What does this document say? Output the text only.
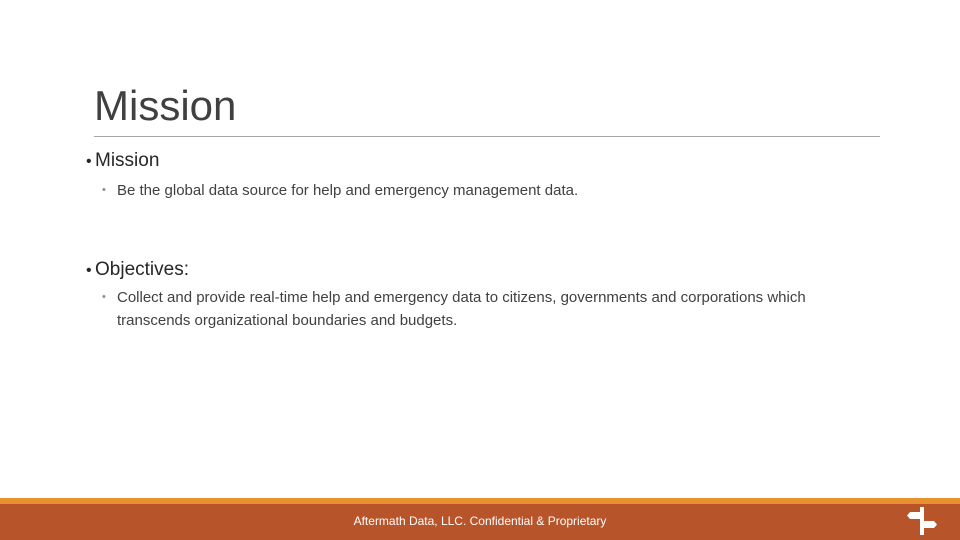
Mission
• Mission
• Be the global data source for help and emergency management data.
• Objectives:
• Collect and provide real-time help and emergency data to citizens, governments and corporations which transcends organizational boundaries and budgets.
Aftermath Data, LLC. Confidential & Proprietary
